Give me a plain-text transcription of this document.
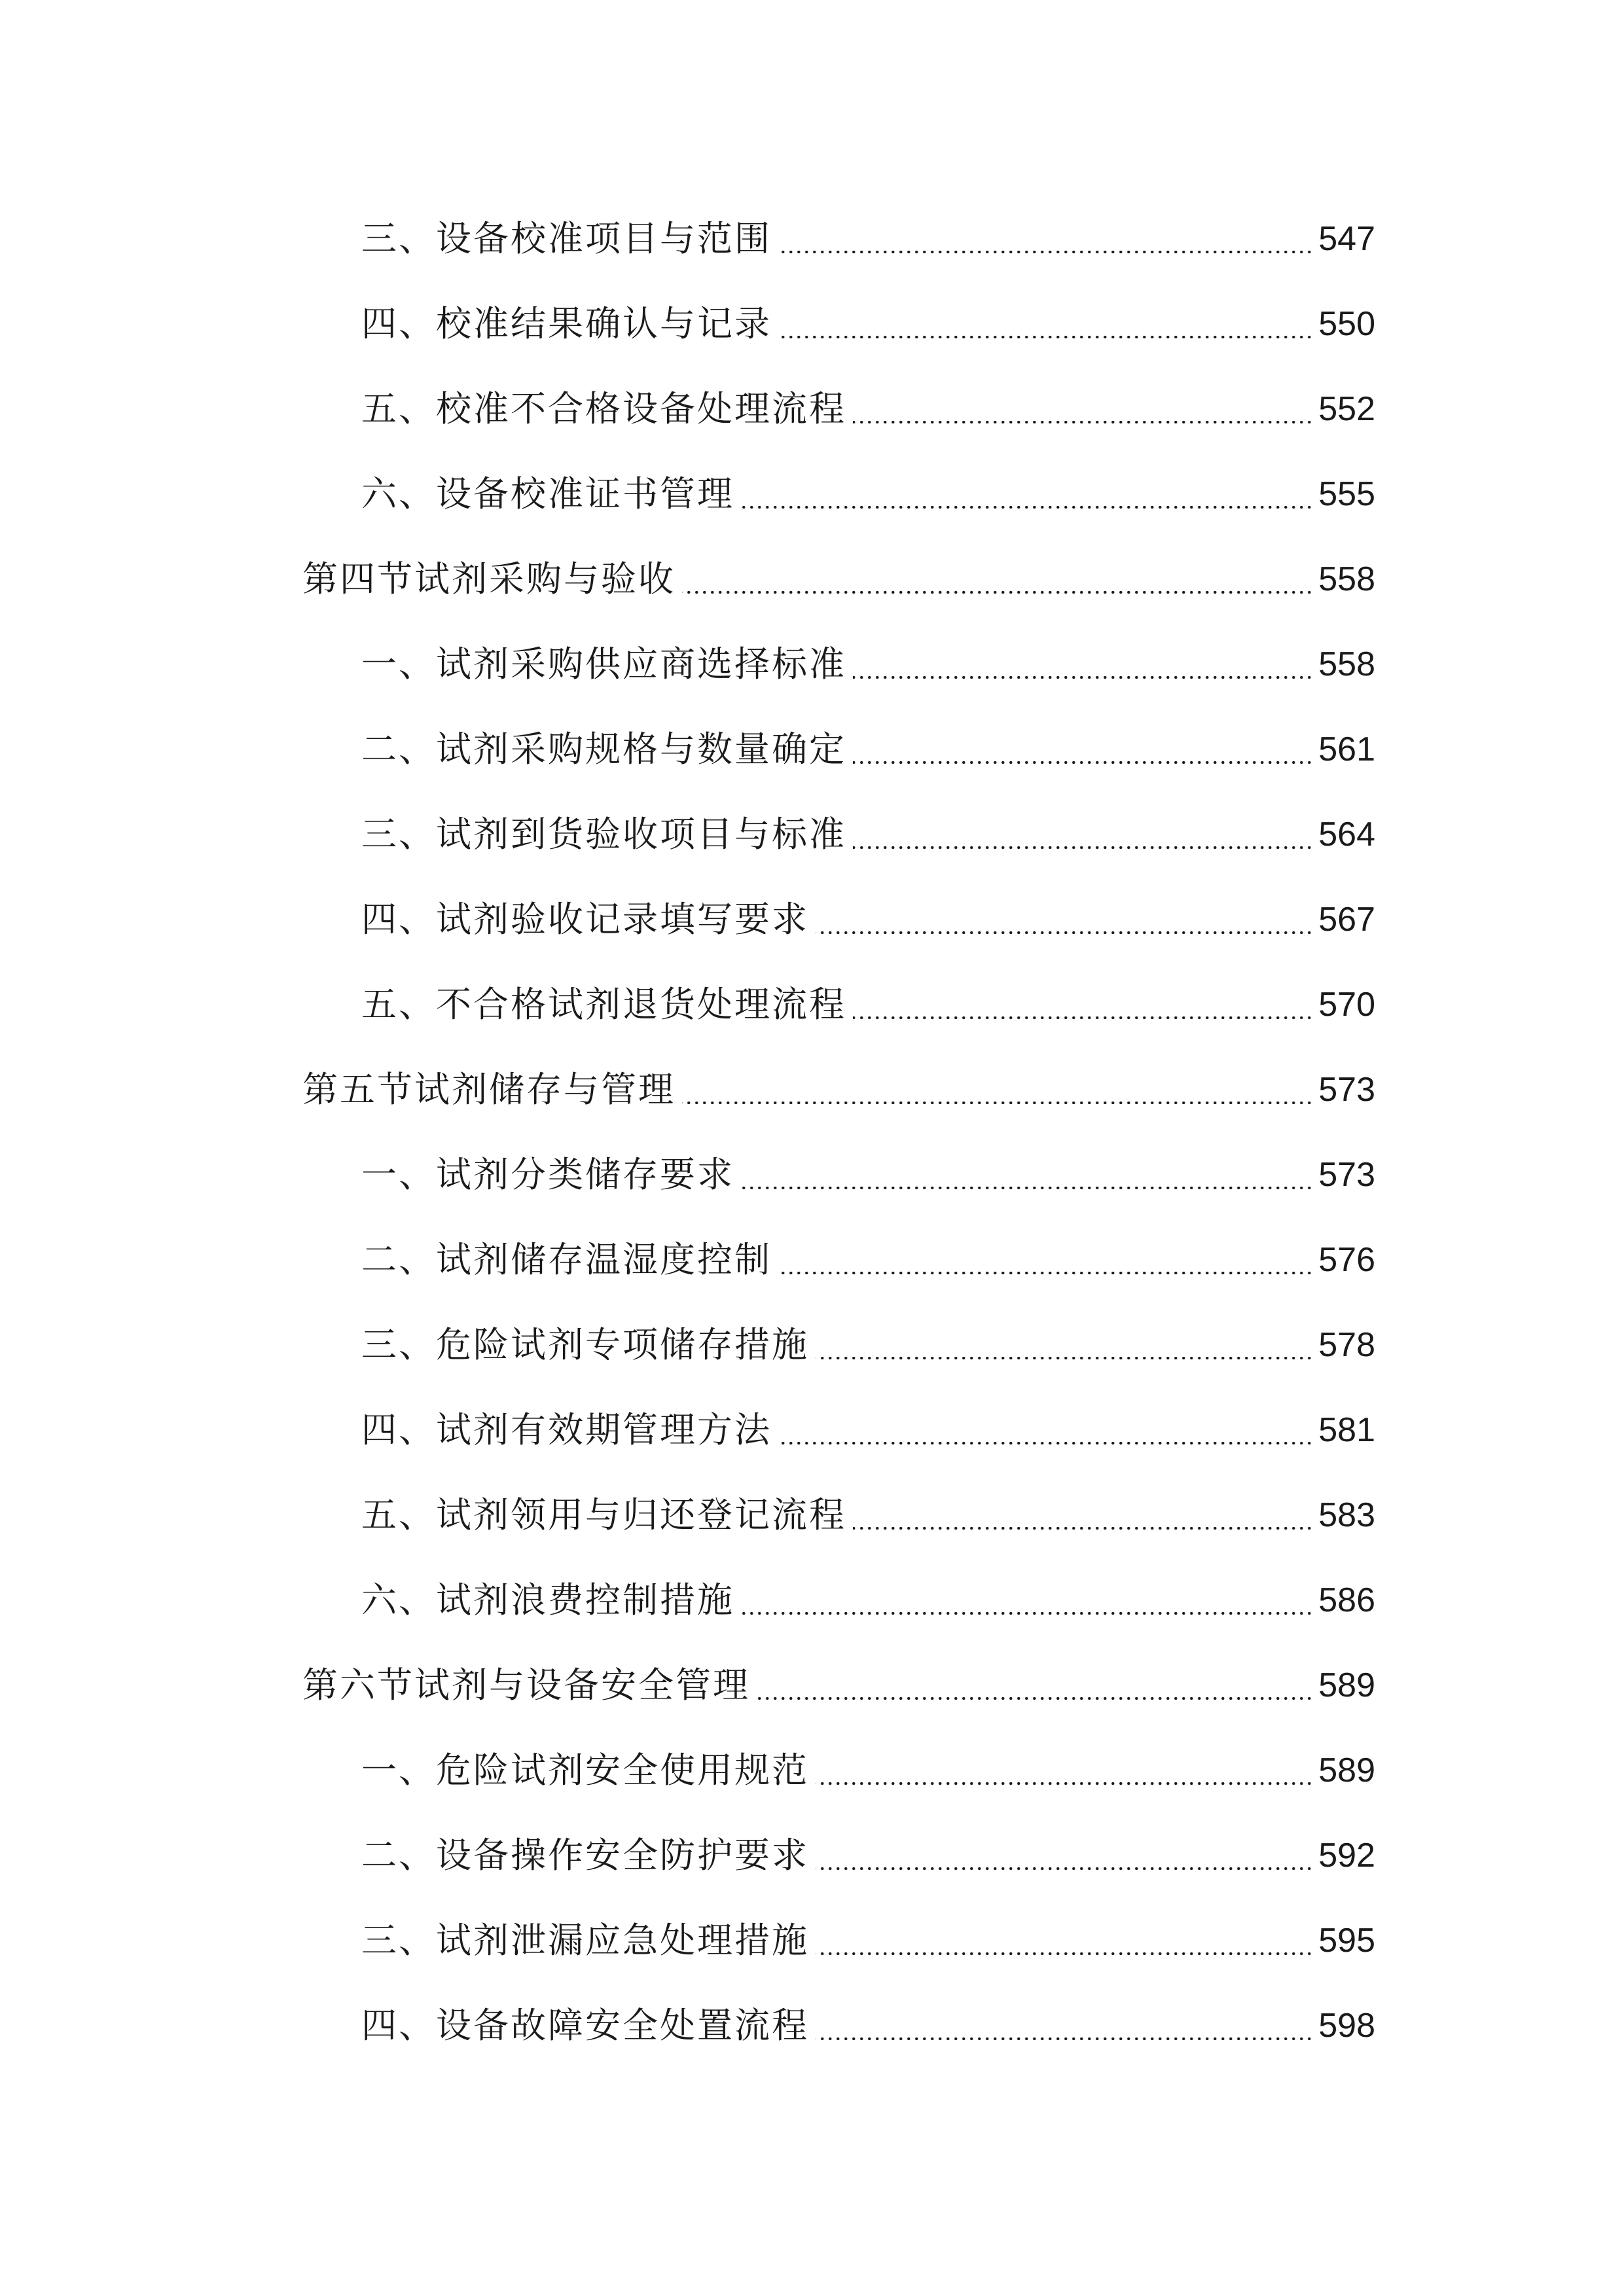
三、设备校准项目与范围	547
四、校准结果确认与记录	550
五、校准不合格设备处理流程	552
六、设备校准证书管理	555
第四节试剂采购与验收	558
一、试剂采购供应商选择标准	558
二、试剂采购规格与数量确定	561
三、试剂到货验收项目与标准	564
四、试剂验收记录填写要求	567
五、不合格试剂退货处理流程	570
第五节试剂储存与管理	573
一、试剂分类储存要求	573
二、试剂储存温湿度控制	576
三、危险试剂专项储存措施	578
四、试剂有效期管理方法	581
五、试剂领用与归还登记流程	583
六、试剂浪费控制措施	586
第六节试剂与设备安全管理	589
一、危险试剂安全使用规范	589
二、设备操作安全防护要求	592
三、试剂泄漏应急处理措施	595
四、设备故障安全处置流程	598
